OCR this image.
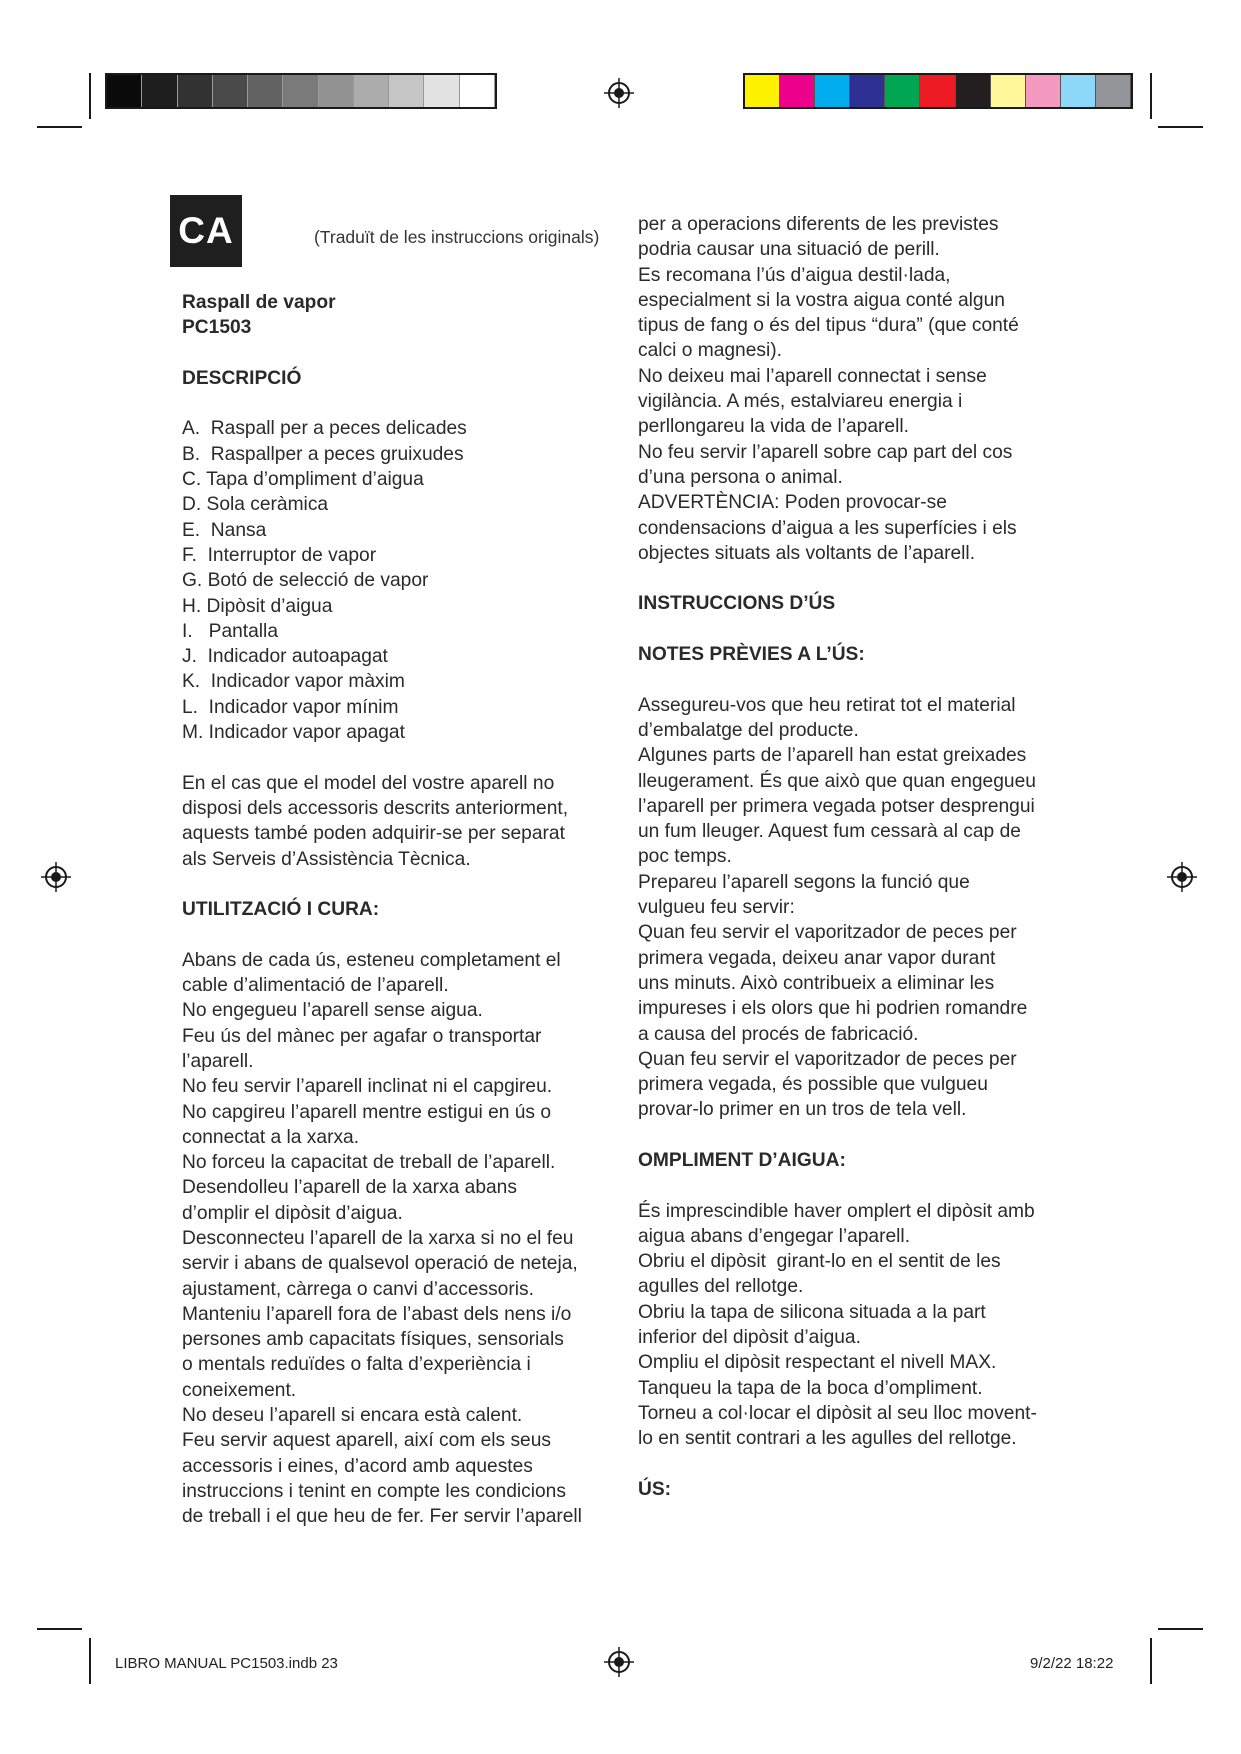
CA	(Traduït de les instruccions originals)
Raspall de vapor
PC1503
DESCRIPCIÓ
A.  Raspall per a peces delicades
B.  Raspallper a peces gruixudes
C. Tapa d’ompliment d’aigua
D. Sola ceràmica
E.  Nansa
F.  Interruptor de vapor
G. Botó de selecció de vapor
H. Dipòsit d’aigua
I.   Pantalla
J.  Indicador autoapagat
K.  Indicador vapor màxim
L.  Indicador vapor mínim
M. Indicador vapor apagat
En el cas que el model del vostre aparell no
disposi dels accessoris descrits anteriorment,
aquests també poden adquirir-se per separat
als Serveis d’Assistència Tècnica.
UTILITZACIÓ I CURA:
Abans de cada ús, esteneu completament el
cable d’alimentació de l’aparell.
No engegueu l’aparell sense aigua.
Feu ús del mànec per agafar o transportar
l’aparell.
No feu servir l’aparell inclinat ni el capgireu.
No capgireu l’aparell mentre estigui en ús o
connectat a la xarxa.
No forceu la capacitat de treball de l’aparell.
Desendolleu l’aparell de la xarxa abans
d’omplir el dipòsit d’aigua.
Desconnecteu l’aparell de la xarxa si no el feu
servir i abans de qualsevol operació de neteja,
ajustament, càrrega o canvi d’accessoris.
Manteniu l’aparell fora de l’abast dels nens i/o
persones amb capacitats físiques, sensorials
o mentals reduïdes o falta d’experiència i
coneixement.
No deseu l’aparell si encara està calent.
Feu servir aquest aparell, així com els seus
accessoris i eines, d’acord amb aquestes
instruccions i tenint en compte les condicions
de treball i el que heu de fer. Fer servir l’aparell
per a operacions diferents de les previstes
podria causar una situació de perill.
Es recomana l’ús d’aigua destil·lada,
especialment si la vostra aigua conté algun
tipus de fang o és del tipus “dura” (que conté
calci o magnesi).
No deixeu mai l’aparell connectat i sense
vigilància. A més, estalviareu energia i
perllongareu la vida de l’aparell.
No feu servir l’aparell sobre cap part del cos
d’una persona o animal.
ADVERTÈNCIA: Poden provocar-se
condensacions d’aigua a les superfícies i els
objectes situats als voltants de l’aparell.
INSTRUCCIONS D’ÚS
NOTES PRÈVIES A L’ÚS:
Assegureu-vos que heu retirat tot el material
d’embalatge del producte.
Algunes parts de l’aparell han estat greixades
lleugerament. És que això que quan engegueu
l’aparell per primera vegada potser desprengui
un fum lleuger. Aquest fum cessarà al cap de
poc temps.
Prepareu l’aparell segons la funció que
vulgueu feu servir:
Quan feu servir el vaporitzador de peces per
primera vegada, deixeu anar vapor durant
uns minuts. Això contribueix a eliminar les
impureses i els olors que hi podrien romandre
a causa del procés de fabricació.
Quan feu servir el vaporitzador de peces per
primera vegada, és possible que vulgueu
provar-lo primer en un tros de tela vell.
OMPLIMENT D’AIGUA:
És imprescindible haver omplert el dipòsit amb
aigua abans d’engegar l’aparell.
Obriu el dipòsit  girant-lo en el sentit de les
agulles del rellotge.
Obriu la tapa de silicona situada a la part
inferior del dipòsit d’aigua.
Ompliu el dipòsit respectant el nivell MAX.
Tanqueu la tapa de la boca d’ompliment.
Torneu a col·locar el dipòsit al seu lloc movent-
lo en sentit contrari a les agulles del rellotge.
ÚS:
LIBRO MANUAL PC1503.indb 23	9/2/22 18:22
